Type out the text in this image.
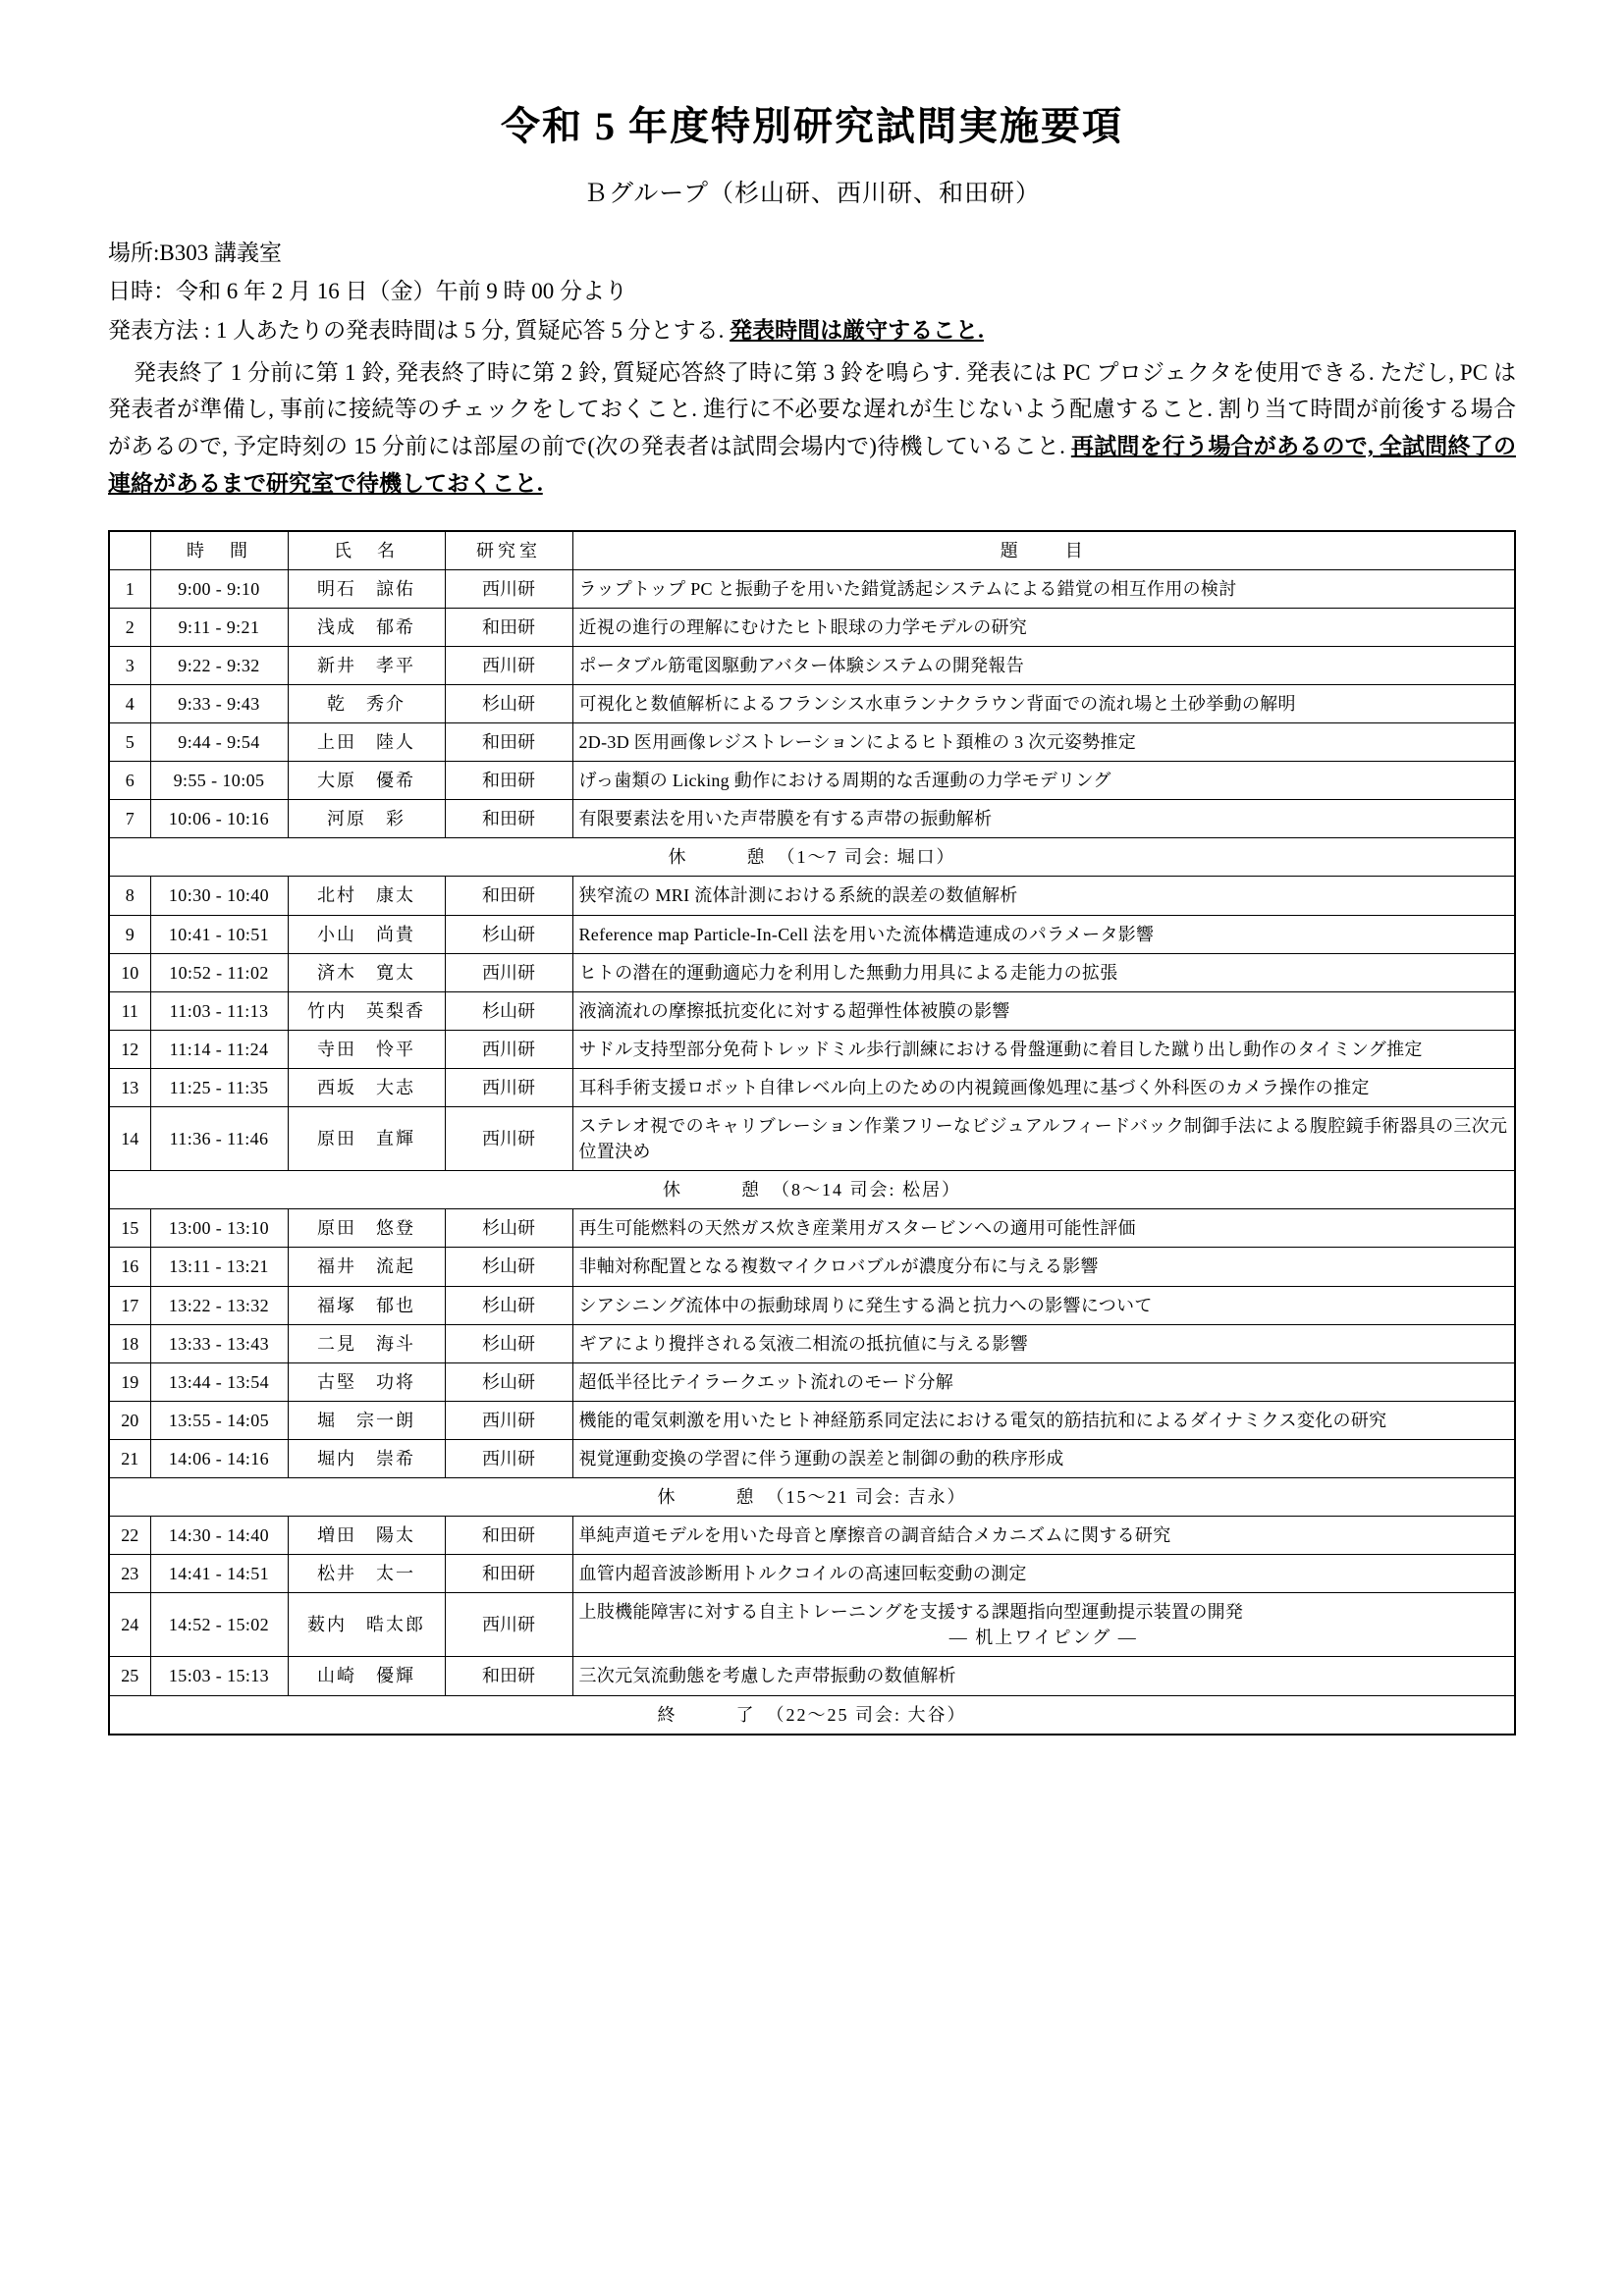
令和 5 年度特別研究試問実施要項
Ｂグループ（杉山研、西川研、和田研）
場所:B303 講義室
日時：令和 6 年 2 月 16 日（金）午前 9 時 00 分より
発表方法 : 1 人あたりの発表時間は 5 分, 質疑応答 5 分とする. 発表時間は厳守すること.

発表終了 1 分前に第 1 鈴, 発表終了時に第 2 鈴, 質疑応答終了時に第 3 鈴を鳴らす. 発表には PC プロジェクタを使用できる. ただし, PC は発表者が準備し, 事前に接続等のチェックをしておくこと. 進行に不必要な遅れが生じないよう配慮すること. 割り当て時間が前後する場合があるので, 予定時刻の 15 分前には部屋の前で(次の発表者は試問会場内で)待機していること. 再試問を行う場合があるので, 全試問終了の連絡があるまで研究室で待機しておくこと.

	時　間	氏　名	研究室	題　　目
1	9:00 - 9:10	明石　諒佑	西川研	ラップトップ PC と振動子を用いた錯覚誘起システムによる錯覚の相互作用の検討
2	9:11 - 9:21	浅成　郁希	和田研	近視の進行の理解にむけたヒト眼球の力学モデルの研究
3	9:22 - 9:32	新井　孝平	西川研	ポータブル筋電図駆動アバター体験システムの開発報告
4	9:33 - 9:43	乾　秀介	杉山研	可視化と数値解析によるフランシス水車ランナクラウン背面での流れ場と土砂挙動の解明
5	9:44 - 9:54	上田　陸人	和田研	2D-3D 医用画像レジストレーションによるヒト頚椎の 3 次元姿勢推定
6	9:55 - 10:05	大原　優希	和田研	げっ歯類の Licking 動作における周期的な舌運動の力学モデリング
7	10:06 - 10:16	河原　彩	和田研	有限要素法を用いた声帯膜を有する声帯の振動解析
休　　　憩　（1〜7 司会: 堀口）				
8	10:30 - 10:40	北村　康太	和田研	狭窄流の MRI 流体計測における系統的誤差の数値解析
9	10:41 - 10:51	小山　尚貴	杉山研	Reference map Particle-In-Cell 法を用いた流体構造連成のパラメータ影響
10	10:52 - 11:02	済木　寛太	西川研	ヒトの潜在的運動適応力を利用した無動力用具による走能力の拡張
11	11:03 - 11:13	竹内　英梨香	杉山研	液滴流れの摩擦抵抗変化に対する超弾性体被膜の影響
12	11:14 - 11:24	寺田　怜平	西川研	サドル支持型部分免荷トレッドミル歩行訓練における骨盤運動に着目した蹴り出し動作のタイミング推定
13	11:25 - 11:35	西坂　大志	西川研	耳科手術支援ロボット自律レベル向上のための内視鏡画像処理に基づく外科医のカメラ操作の推定
14	11:36 - 11:46	原田　直輝	西川研	ステレオ視でのキャリブレーション作業フリーなビジュアルフィードバック制御手法による腹腔鏡手術器具の三次元位置決め
休　　　憩　（8〜14 司会: 松居）				
15	13:00 - 13:10	原田　悠登	杉山研	再生可能燃料の天然ガス炊き産業用ガスタービンへの適用可能性評価
16	13:11 - 13:21	福井　流起	杉山研	非軸対称配置となる複数マイクロバブルが濃度分布に与える影響
17	13:22 - 13:32	福塚　郁也	杉山研	シアシニング流体中の振動球周りに発生する渦と抗力への影響について
18	13:33 - 13:43	二見　海斗	杉山研	ギアにより攪拌される気液二相流の抵抗値に与える影響
19	13:44 - 13:54	古堅　功将	杉山研	超低半径比テイラークエット流れのモード分解
20	13:55 - 14:05	堀　宗一朗	西川研	機能的電気刺激を用いたヒト神経筋系同定法における電気的筋拮抗和によるダイナミクス変化の研究
21	14:06 - 14:16	堀内　崇希	西川研	視覚運動変換の学習に伴う運動の誤差と制御の動的秩序形成
休　　　憩　（15〜21 司会: 吉永）				
22	14:30 - 14:40	増田　陽太	和田研	単純声道モデルを用いた母音と摩擦音の調音結合メカニズムに関する研究
23	14:41 - 14:51	松井　太一	和田研	血管内超音波診断用トルクコイルの高速回転変動の測定
24	14:52 - 15:02	薮内　晧太郎	西川研	上肢機能障害に対する自主トレーニングを支援する課題指向型運動提示装置の開発
― 机上ワイピング ―

25	15:03 - 15:13	山崎　優輝	和田研	三次元気流動態を考慮した声帯振動の数値解析
終　　　了　（22〜25 司会: 大谷）				
